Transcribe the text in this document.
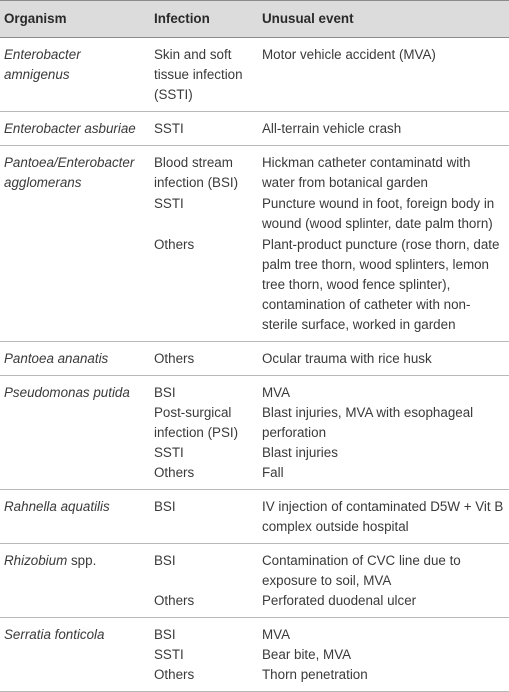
Organism	Infection	Unusual event
Enterobacter amnigenus	Skin and soft tissue infection (SSTI)	Motor vehicle accident (MVA)
Enterobacter asburiae	SSTI	All-terrain vehicle crash
Pantoea/Enterobacter agglomerans	Blood stream infection (BSI)	Hickman catheter contaminatd with water from botanical garden
	SSTI	Puncture wound in foot, foreign body in wound (wood splinter, date palm thorn)
	Others	Plant-product puncture (rose thorn, date palm tree thorn, wood splinters, lemon tree thorn, wood fence splinter), contamination of catheter with non-sterile surface, worked in garden
Pantoea ananatis	Others	Ocular trauma with rice husk
Pseudomonas putida	BSI	MVA
	Post-surgical infection (PSI)	Blast injuries, MVA with esophageal perforation
	SSTI	Blast injuries
	Others	Fall
Rahnella aquatilis	BSI	IV injection of contaminated D5W + Vit B complex outside hospital
Rhizobium spp.	BSI	Contamination of CVC line due to exposure to soil, MVA
	Others	Perforated duodenal ulcer
Serratia fonticola	BSI	MVA
	SSTI	Bear bite, MVA
	Others	Thorn penetration
